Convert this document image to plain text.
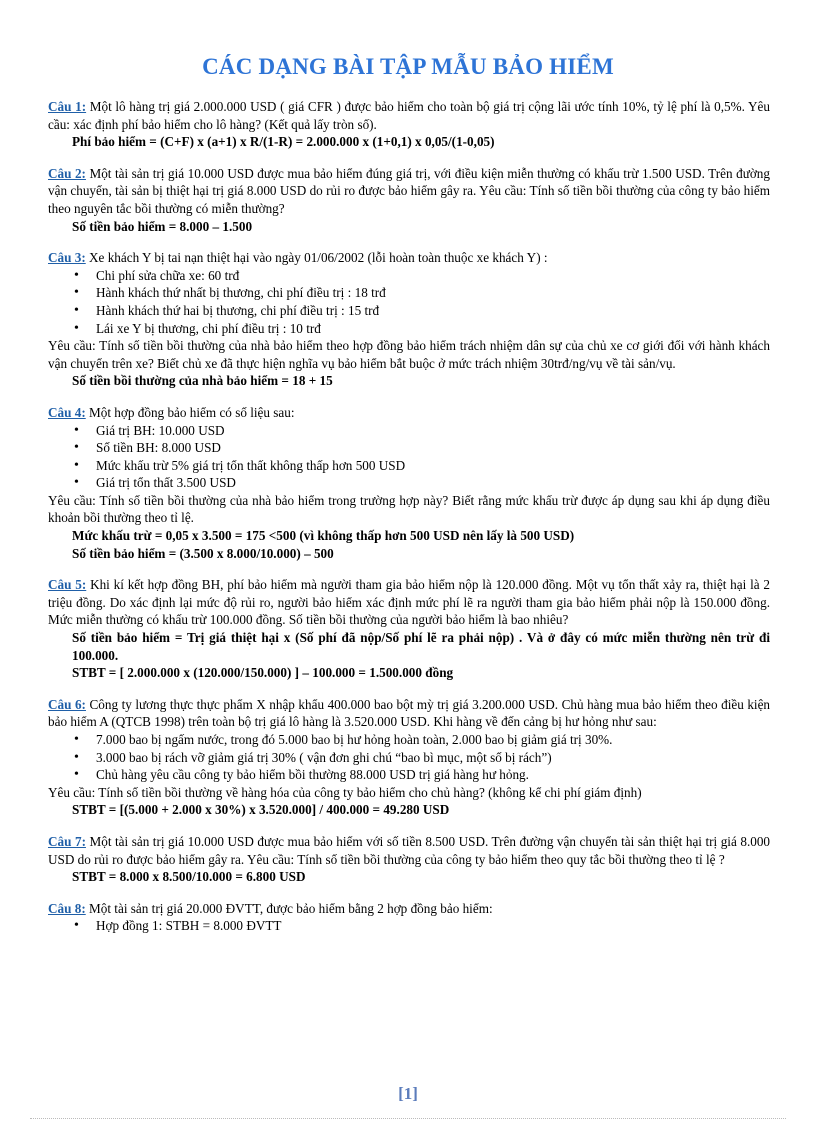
CÁC DẠNG BÀI TẬP MẪU BẢO HIỂM

Câu 1: Một lô hàng trị giá 2.000.000 USD ( giá CFR ) được bảo hiểm cho toàn bộ giá trị cộng lãi ước tính 10%, tỷ lệ phí là 0,5%. Yêu cầu: xác định phí bảo hiểm cho lô hàng? (Kết quả lấy tròn số).

Phí bảo hiểm = (C+F) x (a+1) x R/(1-R) = 2.000.000 x (1+0,1) x 0,05/(1-0,05)

Câu 2: Một tài sản trị giá 10.000 USD được mua bảo hiểm đúng giá trị, với điều kiện miễn thường có khấu trừ 1.500 USD. Trên đường vận chuyển, tài sản bị thiệt hại trị giá 8.000 USD do rủi ro được bảo hiểm gây ra. Yêu cầu: Tính số tiền bồi thường của công ty bảo hiểm theo nguyên tắc bồi thường có miễn thường?

Số tiền bảo hiểm = 8.000 – 1.500

Câu 3: Xe khách Y bị tai nạn thiệt hại vào ngày 01/06/2002 (lỗi hoàn toàn thuộc xe khách Y) :

• Chi phí sửa chữa xe: 60 trđ
• Hành khách thứ nhất bị thương, chi phí điều trị : 18 trđ
• Hành khách thứ hai bị thương, chi phí điều trị : 15 trđ
• Lái xe Y bị thương, chi phí điều trị : 10 trđ

Yêu cầu: Tính số tiền bồi thường của nhà bảo hiểm theo hợp đồng bảo hiểm trách nhiệm dân sự của chủ xe cơ giới đối với hành khách vận chuyển trên xe? Biết chủ xe đã thực hiện nghĩa vụ bảo hiểm bắt buộc ở mức trách nhiệm 30trđ/ng/vụ về tài sản/vụ.

Số tiền bồi thường của nhà bảo hiểm = 18 + 15

Câu 4: Một hợp đồng bảo hiểm có số liệu sau:

• Giá trị BH: 10.000 USD
• Số tiền BH: 8.000 USD
• Mức khấu trừ 5% giá trị tổn thất không thấp hơn 500 USD
• Giá trị tổn thất 3.500 USD

Yêu cầu: Tính số tiền bồi thường của nhà bảo hiểm trong trường hợp này? Biết rằng mức khấu trừ được áp dụng sau khi áp dụng điều khoản bồi thường theo tỉ lệ.

Mức khấu trừ = 0,05 x 3.500 = 175 <500 (vì không thấp hơn 500 USD nên lấy là 500 USD)

Số tiền bảo hiểm = (3.500 x 8.000/10.000) – 500

Câu 5: Khi kí kết hợp đồng BH, phí bảo hiểm mà người tham gia bảo hiểm nộp là 120.000 đồng. Một vụ tổn thất xảy ra, thiệt hại là 2 triệu đồng. Do xác định lại mức độ rủi ro, người bảo hiểm xác định mức phí lẽ ra người tham gia bảo hiểm phải nộp là 150.000 đồng. Mức miễn thường có khấu trừ 100.000 đồng. Số tiền bồi thường của người bảo hiểm là bao nhiêu?

Số tiền bảo hiểm = Trị giá thiệt hại x (Số phí đã nộp/Số phí lẽ ra phải nộp) . Và ở đây có mức miễn thường nên trừ đi 100.000.

STBT = [ 2.000.000 x (120.000/150.000) ] – 100.000 = 1.500.000 đồng

Câu 6: Công ty lương thực thực phẩm X nhập khẩu 400.000 bao bột mỳ trị giá 3.200.000 USD. Chủ hàng mua bảo hiểm theo điều kiện bảo hiểm A (QTCB 1998) trên toàn bộ trị giá lô hàng là 3.520.000 USD. Khi hàng về đến cảng bị hư hỏng như sau:

• 7.000 bao bị ngấm nước, trong đó 5.000 bao bị hư hỏng hoàn toàn, 2.000 bao bị giảm giá trị 30%.
• 3.000 bao bị rách vỡ giảm giá trị 30% ( vận đơn ghi chú “bao bì mục, một số bị rách”)
• Chủ hàng yêu cầu công ty bảo hiểm bồi thường 88.000 USD trị giá hàng hư hỏng.

Yêu cầu: Tính số tiền bồi thường về hàng hóa của công ty bảo hiểm cho chủ hàng? (không kể chi phí giám định)

STBT = [(5.000 + 2.000 x 30%) x 3.520.000] / 400.000 = 49.280 USD

Câu 7: Một tài sản trị giá 10.000 USD được mua bảo hiểm với số tiền 8.500 USD. Trên đường vận chuyển tài sản thiệt hại trị giá 8.000 USD do rủi ro được bảo hiểm gây ra. Yêu cầu: Tính số tiền bồi thường của công ty bảo hiểm theo quy tắc bồi thường theo tỉ lệ ?

STBT = 8.000 x 8.500/10.000 = 6.800 USD

Câu 8: Một tài sản trị giá 20.000 ĐVTT, được bảo hiểm bằng 2 hợp đồng bảo hiểm:

• Hợp đồng 1: STBH = 8.000 ĐVTT
[1]
